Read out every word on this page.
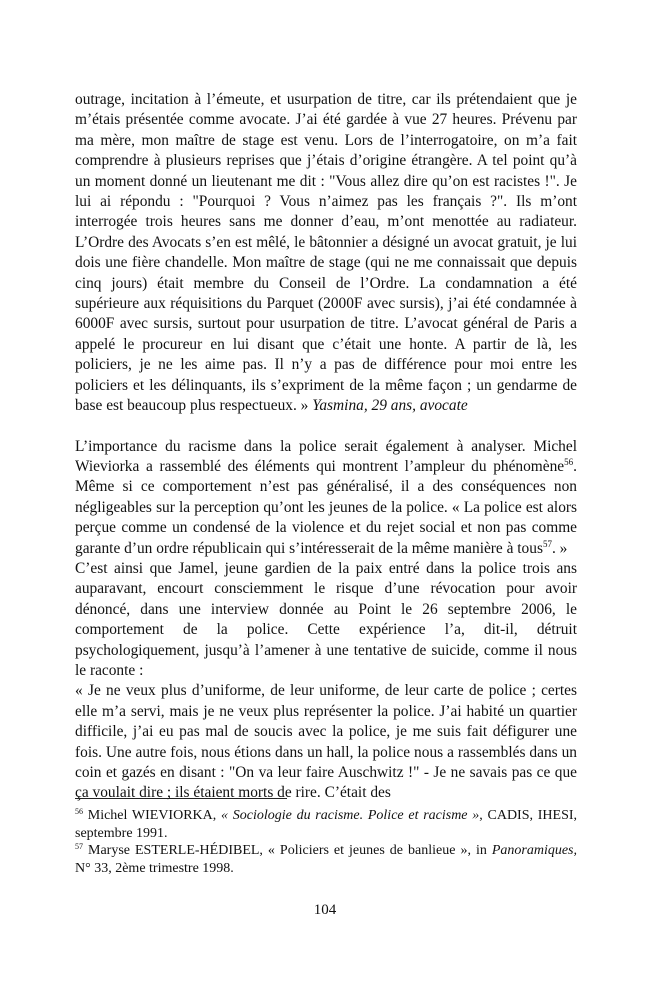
outrage, incitation à l’émeute, et usurpation de titre, car ils prétendaient que je m’étais présentée comme avocate. J’ai été gardée à vue 27 heures. Prévenu par ma mère, mon maître de stage est venu. Lors de l’interrogatoire, on m’a fait comprendre à plusieurs reprises que j’étais d’origine étrangère. A tel point qu’à un moment donné un lieutenant me dit : "Vous allez dire qu’on est racistes !". Je lui ai répondu : "Pourquoi ? Vous n’aimez pas les français ?". Ils m’ont interrogée trois heures sans me donner d’eau, m’ont menottée au radiateur. L’Ordre des Avocats s’en est mêlé, le bâtonnier a désigné un avocat gratuit, je lui dois une fière chandelle. Mon maître de stage (qui ne me connaissait que depuis cinq jours) était membre du Conseil de l’Ordre. La condamnation a été supérieure aux réquisitions du Parquet (2000F avec sursis), j’ai été condamnée à 6000F avec sursis, surtout pour usurpation de titre. L’avocat général de Paris a appelé le procureur en lui disant que c’était une honte. A partir de là, les policiers, je ne les aime pas. Il n’y a pas de différence pour moi entre les policiers et les délinquants, ils s’expriment de la même façon ; un gendarme de base est beaucoup plus respectueux. » Yasmina, 29 ans, avocate

L’importance du racisme dans la police serait également à analyser. Michel Wieviorka a rassemblé des éléments qui montrent l’ampleur du phénomène$^{56}$. Même si ce comportement n’est pas généralisé, il a des conséquences non négligeables sur la perception qu’ont les jeunes de la police. « La police est alors perçue comme un condensé de la violence et du rejet social et non pas comme garante d’un ordre républicain qui s’intéresserait de la même manière à tous$^{57}$. »

C’est ainsi que Jamel, jeune gardien de la paix entré dans la police trois ans auparavant, encourt consciemment le risque d’une révocation pour avoir dénoncé, dans une interview donnée au Point le 26 septembre 2006, le comportement de la police. Cette expérience l’a, dit-il, détruit psychologiquement, jusqu’à l’amener à une tentative de suicide, comme il nous le raconte :

« Je ne veux plus d’uniforme, de leur uniforme, de leur carte de police ; certes elle m’a servi, mais je ne veux plus représenter la police. J’ai habité un quartier difficile, j’ai eu pas mal de soucis avec la police, je me suis fait défigurer une fois. Une autre fois, nous étions dans un hall, la police nous a rassemblés dans un coin et gazés en disant : "On va leur faire Auschwitz !" - Je ne savais pas ce que ça voulait dire ; ils étaient morts de rire. C’était des

$^{56}$ Michel WIEVIORKA, « Sociologie du racisme. Police et racisme », CADIS, IHESI, septembre 1991.

$^{57}$ Maryse ESTERLE-HÉDIBEL, « Policiers et jeunes de banlieue », in Panoramiques, N° 33, 2ème trimestre 1998.

104
